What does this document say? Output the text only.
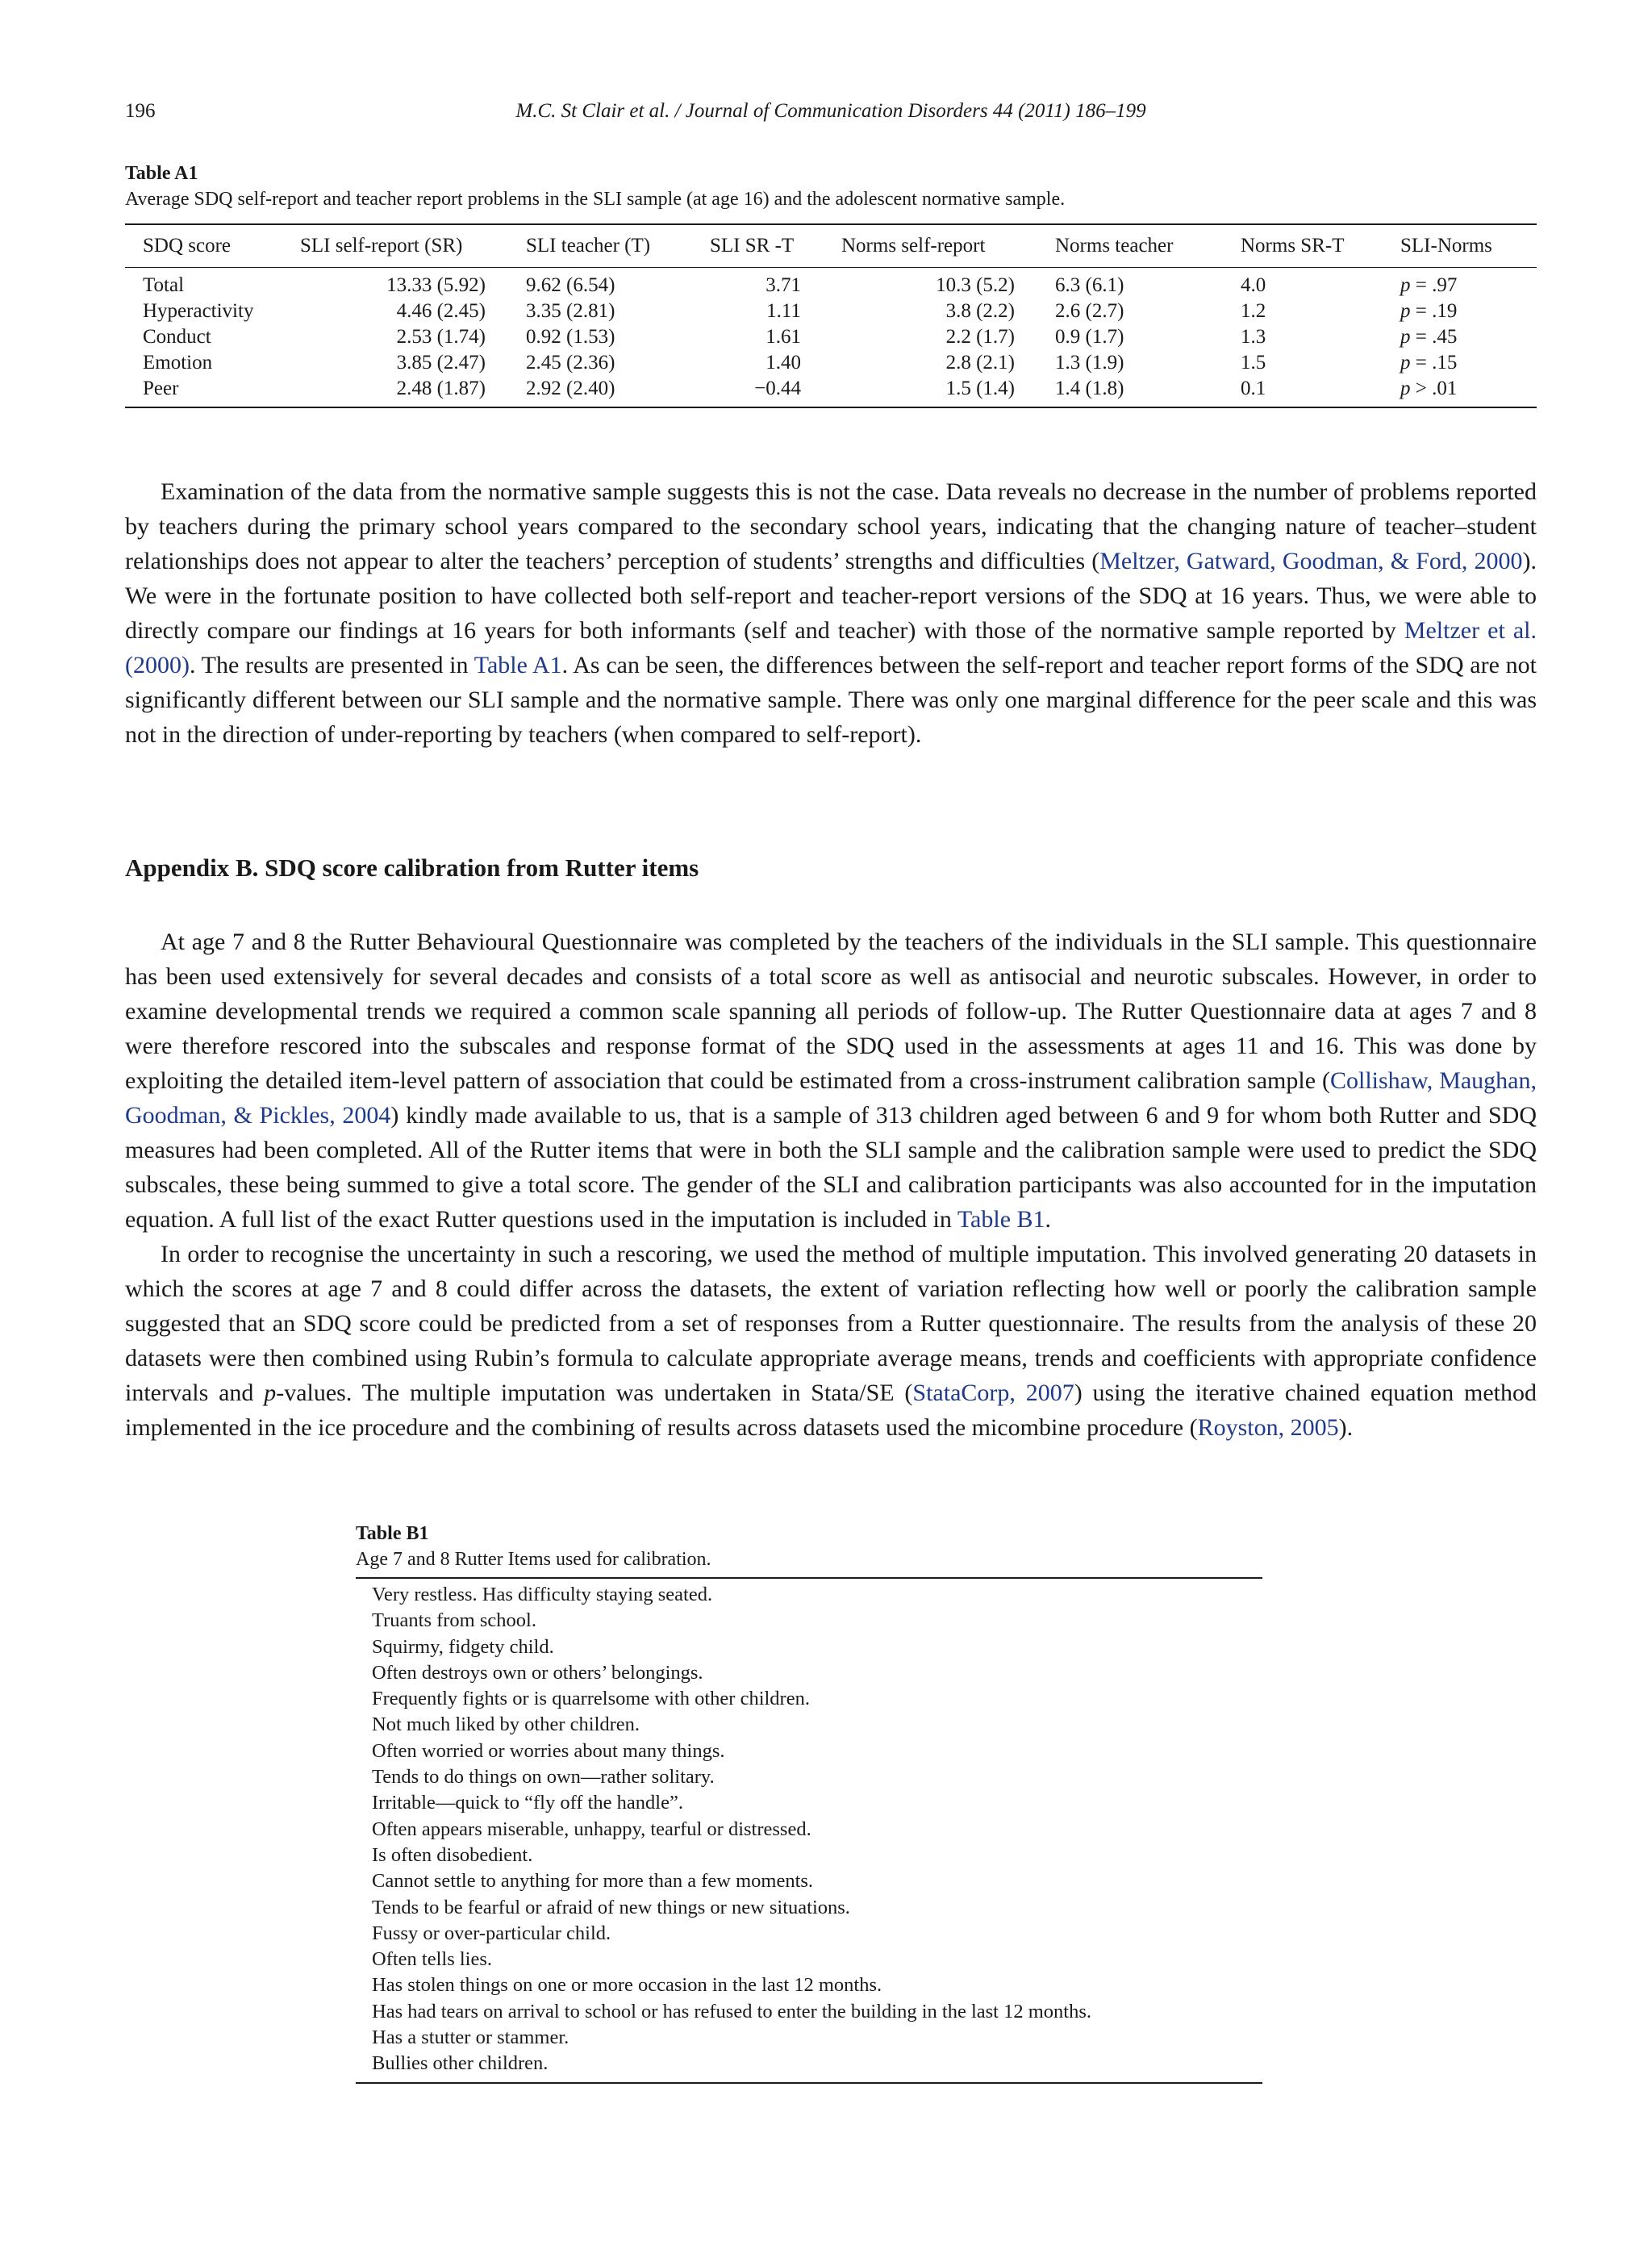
196	M.C. St Clair et al. / Journal of Communication Disorders 44 (2011) 186–199
Table A1
Average SDQ self-report and teacher report problems in the SLI sample (at age 16) and the adolescent normative sample.
SDQ score	SLI self-report (SR)	SLI teacher (T)	SLI SR -T	Norms self-report	Norms teacher	Norms SR-T	SLI-Norms
Total	13.33 (5.92)	9.62 (6.54)	3.71	10.3 (5.2)	6.3 (6.1)	4.0	p = .97
Hyperactivity	4.46 (2.45)	3.35 (2.81)	1.11	3.8 (2.2)	2.6 (2.7)	1.2	p = .19
Conduct	2.53 (1.74)	0.92 (1.53)	1.61	2.2 (1.7)	0.9 (1.7)	1.3	p = .45
Emotion	3.85 (2.47)	2.45 (2.36)	1.40	2.8 (2.1)	1.3 (1.9)	1.5	p = .15
Peer	2.48 (1.87)	2.92 (2.40)	−0.44	1.5 (1.4)	1.4 (1.8)	0.1	p > .01

Examination of the data from the normative sample suggests this is not the case. Data reveals no decrease in the number of problems reported by teachers during the primary school years compared to the secondary school years, indicating that the changing nature of teacher–student relationships does not appear to alter the teachers’ perception of students’ strengths and difficulties (Meltzer, Gatward, Goodman, & Ford, 2000). We were in the fortunate position to have collected both self-report and teacher-report versions of the SDQ at 16 years. Thus, we were able to directly compare our findings at 16 years for both informants (self and teacher) with those of the normative sample reported by Meltzer et al. (2000). The results are presented in Table A1. As can be seen, the differences between the self-report and teacher report forms of the SDQ are not significantly different between our SLI sample and the normative sample. There was only one marginal difference for the peer scale and this was not in the direction of under-reporting by teachers (when compared to self-report).

Appendix B. SDQ score calibration from Rutter items

At age 7 and 8 the Rutter Behavioural Questionnaire was completed by the teachers of the individuals in the SLI sample. This questionnaire has been used extensively for several decades and consists of a total score as well as antisocial and neurotic subscales. However, in order to examine developmental trends we required a common scale spanning all periods of follow-up. The Rutter Questionnaire data at ages 7 and 8 were therefore rescored into the subscales and response format of the SDQ used in the assessments at ages 11 and 16. This was done by exploiting the detailed item-level pattern of association that could be estimated from a cross-instrument calibration sample (Collishaw, Maughan, Goodman, & Pickles, 2004) kindly made available to us, that is a sample of 313 children aged between 6 and 9 for whom both Rutter and SDQ measures had been completed. All of the Rutter items that were in both the SLI sample and the calibration sample were used to predict the SDQ subscales, these being summed to give a total score. The gender of the SLI and calibration participants was also accounted for in the imputation equation. A full list of the exact Rutter questions used in the imputation is included in Table B1.

In order to recognise the uncertainty in such a rescoring, we used the method of multiple imputation. This involved generating 20 datasets in which the scores at age 7 and 8 could differ across the datasets, the extent of variation reflecting how well or poorly the calibration sample suggested that an SDQ score could be predicted from a set of responses from a Rutter questionnaire. The results from the analysis of these 20 datasets were then combined using Rubin’s formula to calculate appropriate average means, trends and coefficients with appropriate confidence intervals and p-values. The multiple imputation was undertaken in Stata/SE (StataCorp, 2007) using the iterative chained equation method implemented in the ice procedure and the combining of results across datasets used the micombine procedure (Royston, 2005).

Table B1
Age 7 and 8 Rutter Items used for calibration.
Very restless. Has difficulty staying seated.
Truants from school.
Squirmy, fidgety child.
Often destroys own or others’ belongings.
Frequently fights or is quarrelsome with other children.
Not much liked by other children.
Often worried or worries about many things.
Tends to do things on own—rather solitary.
Irritable—quick to “fly off the handle”.
Often appears miserable, unhappy, tearful or distressed.
Is often disobedient.
Cannot settle to anything for more than a few moments.
Tends to be fearful or afraid of new things or new situations.
Fussy or over-particular child.
Often tells lies.
Has stolen things on one or more occasion in the last 12 months.
Has had tears on arrival to school or has refused to enter the building in the last 12 months.
Has a stutter or stammer.
Bullies other children.
